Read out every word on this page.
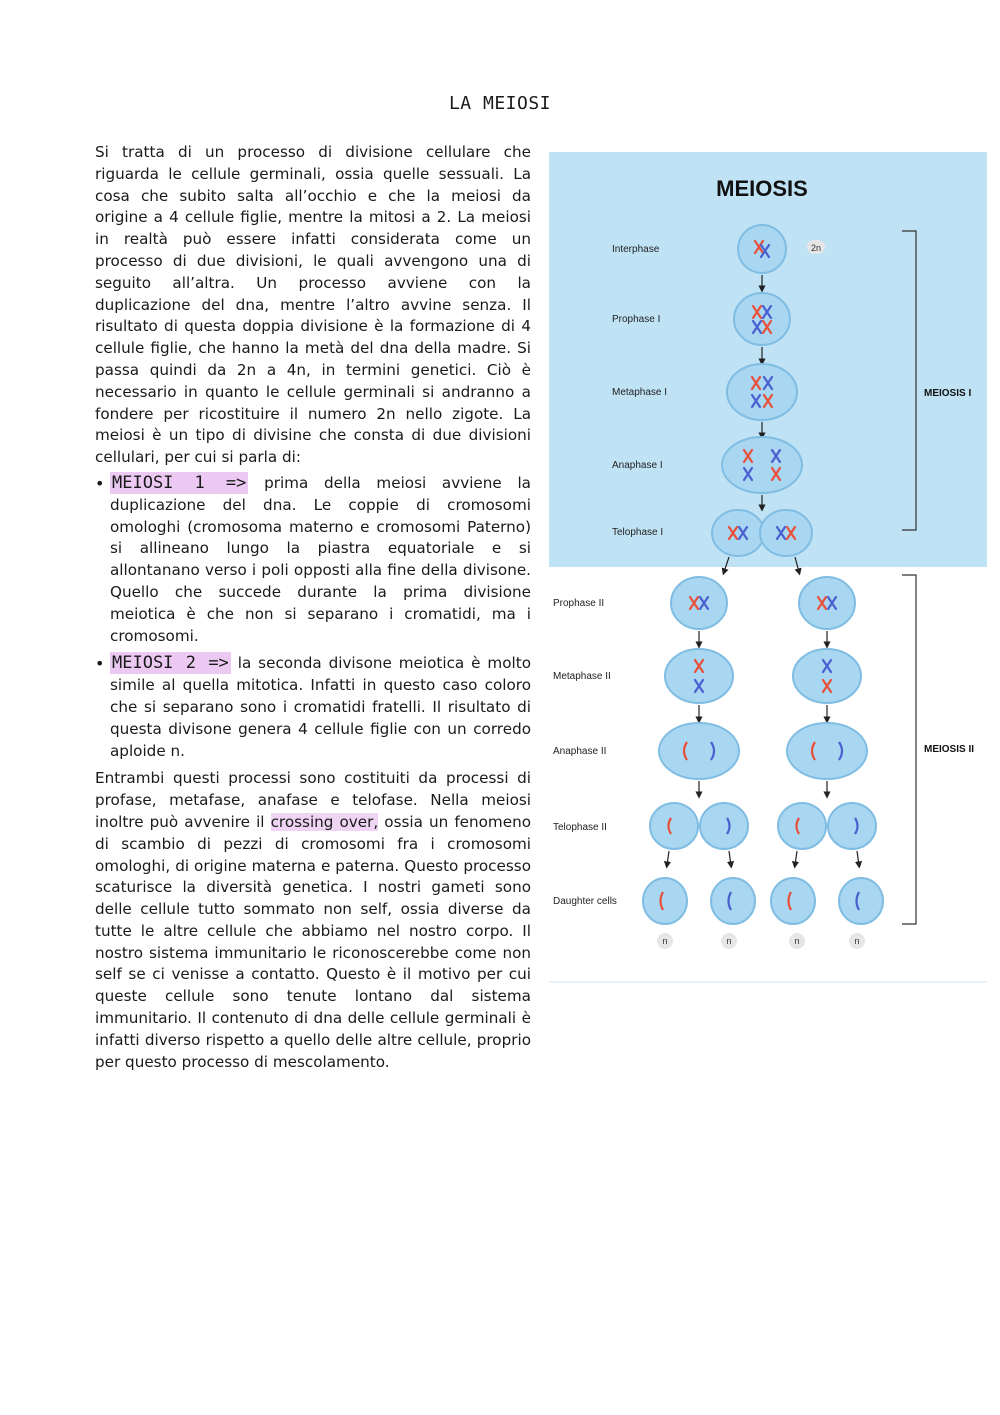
LA MEIOSI

Si tratta di un processo di divisione cellulare che riguarda le cellule germinali, ossia quelle sessuali. La cosa che subito salta all’occhio e che la meiosi da origine a 4 cellule figlie, mentre la mitosi a 2. La meiosi in realtà può essere infatti considerata come un processo di due divisioni, le quali avvengono una di seguito all’altra. Un processo avviene con la duplicazione del dna, mentre l’altro avvine senza. Il risultato di questa doppia divisione è la formazione di 4 cellule figlie, che hanno la metà del dna della madre. Si passa quindi da 2n a 4n, in termini genetici. Ciò è necessario in quanto le cellule germinali si andranno a fondere per ricostituire il numero 2n nello zigote. La meiosi è un tipo di divisine che consta di due divisioni cellulari, per cui si parla di:

• MEIOSI 1 => prima della meiosi avviene la duplicazione del dna. Le coppie di cromosomi omologhi (cromosoma materno e cromosomi Paterno) si allineano lungo la piastra equatoriale e si allontanano verso i poli opposti alla fine della divisone. Quello che succede durante la prima divisione meiotica è che non si separano i cromatidi, ma i cromosomi.
• MEIOSI 2 => la seconda divisone meiotica è molto simile al quella mitotica. Infatti in questo caso coloro che si separano sono i cromatidi fratelli. Il risultato di questa divisone genera 4 cellule figlie con un corredo aploide n.

Entrambi questi processi sono costituiti da processi di profase, metafase, anafase e telofase. Nella meiosi inoltre può avvenire il crossing over, ossia un fenomeno di scambio di pezzi di cromosomi fra i cromosomi omologhi, di origine materna e paterna. Questo processo scaturisce la diversità genetica. I nostri gameti sono delle cellule tutto sommato non self, ossia diverse da tutte le altre cellule che abbiamo nel nostro corpo. Il nostro sistema immunitario le riconoscerebbe come non self se ci venisse a contatto. Questo è il motivo per cui queste cellule sono tenute lontano dal sistema immunitario. Il contenuto di dna delle cellule germinali è infatti diverso rispetto a quello delle altre cellule, proprio per questo processo di mescolamento.

MEIOSIS
Interphase
Prophase I
Metaphase I
Anaphase I
Telophase I
Prophase II
Metaphase II
Anaphase II
Telophase II
Daughter cells
2n
MEIOSIS I
MEIOSIS II
n	n	n	n
